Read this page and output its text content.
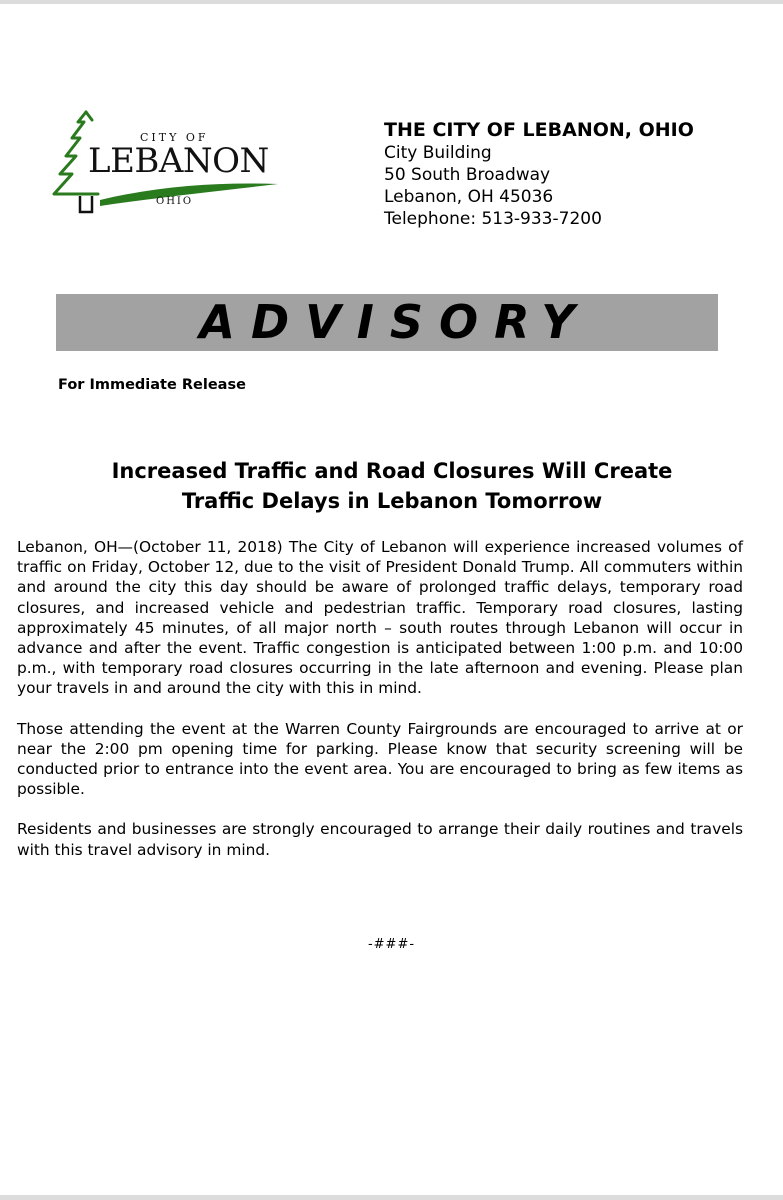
CITY OF
LEBANON
OHIO
THE CITY OF LEBANON, OHIO
City Building
50 South Broadway
Lebanon, OH 45036
Telephone: 513-933-7200
ADVISORY
For Immediate Release
Increased Traffic and Road Closures Will Create
Traffic Delays in Lebanon Tomorrow

Lebanon, OH—(October 11, 2018) The City of Lebanon will experience increased volumes of traffic on Friday, October 12, due to the visit of President Donald Trump. All commuters within and around the city this day should be aware of prolonged traffic delays, temporary road closures, and increased vehicle and pedestrian traffic. Temporary road closures, lasting approximately 45 minutes, of all major north – south routes through Lebanon will occur in advance and after the event. Traffic congestion is anticipated between 1:00 p.m. and 10:00 p.m., with temporary road closures occurring in the late afternoon and evening. Please plan your travels in and around the city with this in mind.

Those attending the event at the Warren County Fairgrounds are encouraged to arrive at or near the 2:00 pm opening time for parking. Please know that security screening will be conducted prior to entrance into the event area. You are encouraged to bring as few items as possible.

Residents and businesses are strongly encouraged to arrange their daily routines and travels with this travel advisory in mind.

-###-
